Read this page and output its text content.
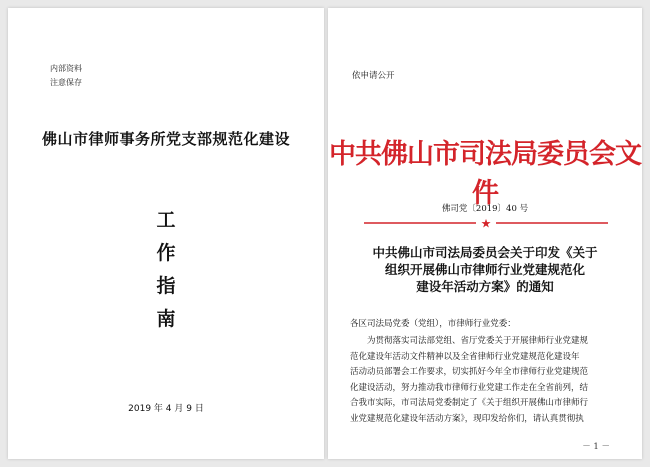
内部资料
注意保存
佛山市律师事务所党支部规范化建设
工
作
指
南
2019 年 4 月 9 日
依申请公开
中共佛山市司法局委员会文件
佛司党〔2019〕40 号
★
中共佛山市司法局委员会关于印发《关于
组织开展佛山市律师行业党建规范化
建设年活动方案》的通知
各区司法局党委（党组），市律师行业党委：
为贯彻落实司法部党组、省厅党委关于开展律师行业党建规
范化建设年活动文件精神以及全省律师行业党建规范化建设年
活动动员部署会工作要求，切实抓好今年全市律师行业党建规范
化建设活动，努力推动我市律师行业党建工作走在全省前列，结
合我市实际，市司法局党委制定了《关于组织开展佛山市律师行
业党建规范化建设年活动方案》，现印发给你们，请认真贯彻执
－ 1 －
